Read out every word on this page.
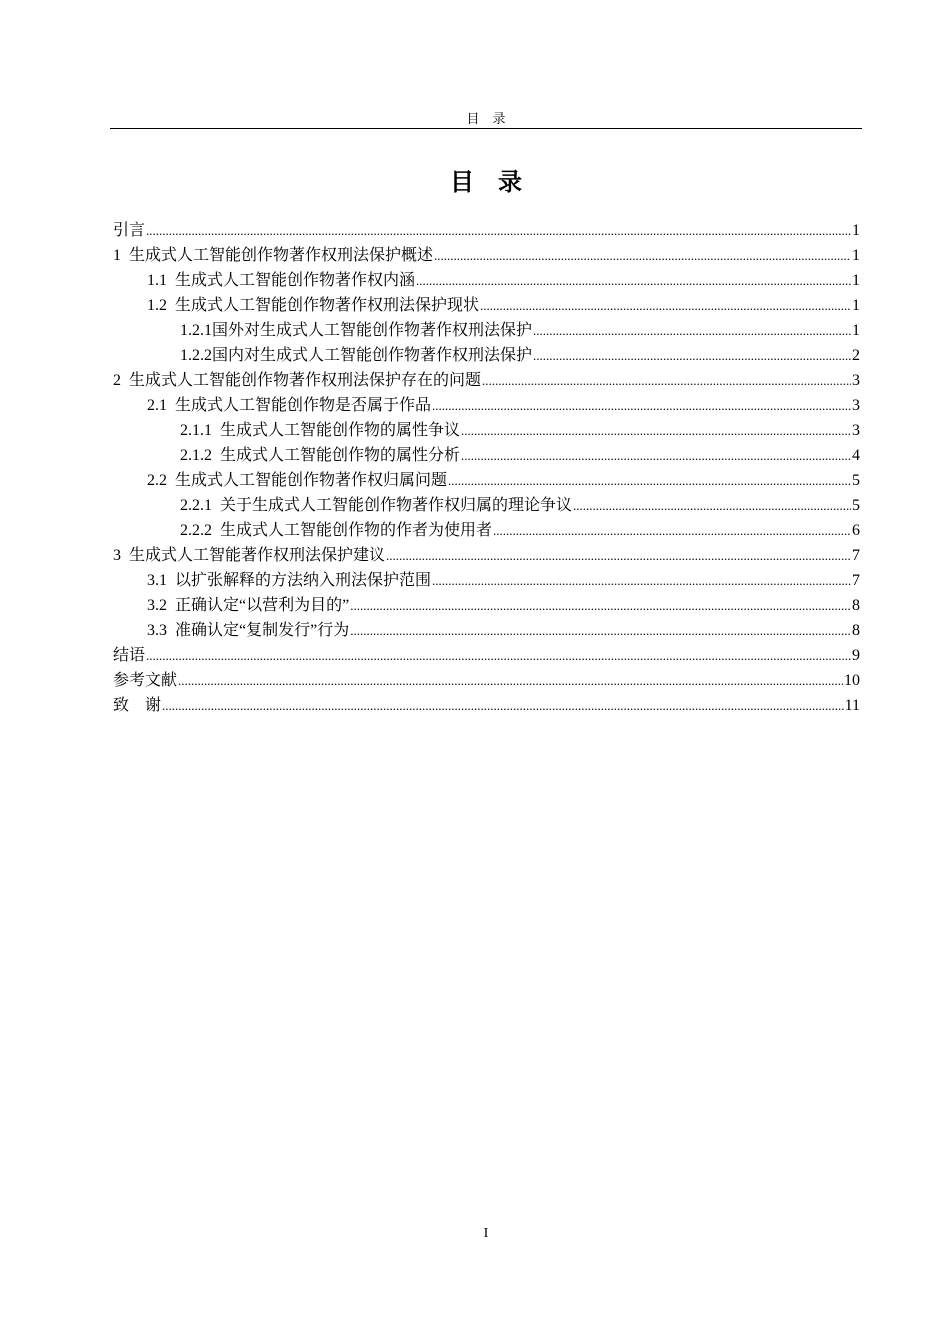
目　录
目　录
引言 .....	1
1 生成式人工智能创作物著作权刑法保护概述 .....	1
1.1 生成式人工智能创作物著作权内涵 .....	1
1.2 生成式人工智能创作物著作权刑法保护现状 .....	1
1.2.1 国外对生成式人工智能创作物著作权刑法保护 .....	1
1.2.2 国内对生成式人工智能创作物著作权刑法保护 .....	2
2 生成式人工智能创作物著作权刑法保护存在的问题 .....	3
2.1 生成式人工智能创作物是否属于作品 .....	3
2.1.1 生成式人工智能创作物的属性争议 .....	3
2.1.2 生成式人工智能创作物的属性分析 .....	4
2.2 生成式人工智能创作物著作权归属问题 .....	5
2.2.1 关于生成式人工智能创作物著作权归属的理论争议 .....	5
2.2.2 生成式人工智能创作物的作者为使用者 .....	6
3 生成式人工智能著作权刑法保护建议 .....	7
3.1 以扩张解释的方法纳入刑法保护范围 .....	7
3.2 正确认定“以营利为目的” .....	8
3.3 准确认定“复制发行”行为 .....	8
结语 .....	9
参考文献 .....	10
致　谢 .....	11
I
